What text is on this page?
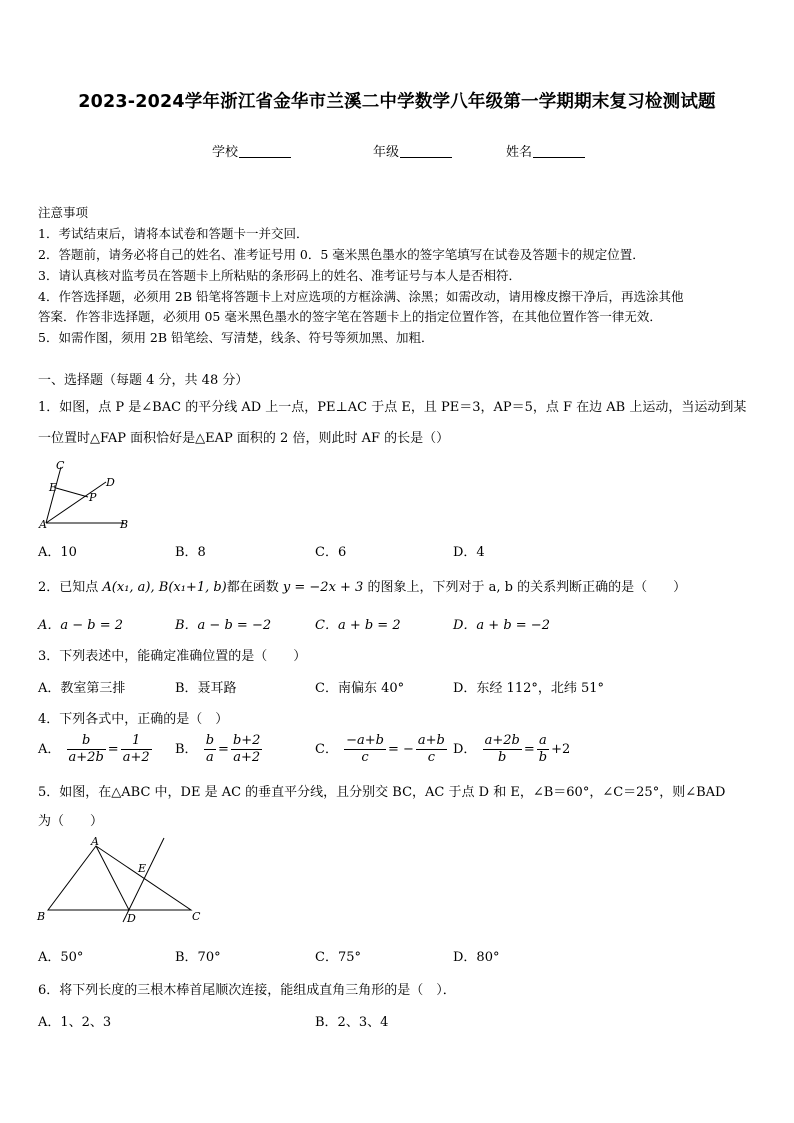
2023-2024学年浙江省金华市兰溪二中学数学八年级第一学期期末复习检测试题
学校	年级	姓名
注意事项
1．考试结束后，请将本试卷和答题卡一并交回．
2．答题前，请务必将自己的姓名、准考证号用 0．5 毫米黑色墨水的签字笔填写在试卷及答题卡的规定位置．
3．请认真核对监考员在答题卡上所粘贴的条形码上的姓名、准考证号与本人是否相符．
4．作答选择题，必须用 2B 铅笔将答题卡上对应选项的方框涂满、涂黑；如需改动，请用橡皮擦干净后，再选涂其他
答案．作答非选择题，必须用 05 毫米黑色墨水的签字笔在答题卡上的指定位置作答，在其他位置作答一律无效．
5．如需作图，须用 2B 铅笔绘、写清楚，线条、符号等须加黑、加粗．
一、选择题（每题 4 分，共 48 分）
1．如图，点 P 是∠BAC 的平分线 AD 上一点，PE⊥AC 于点 E，且 PE＝3，AP＝5，点 F 在边 AB 上运动，当运动到某
一位置时△FAP 面积恰好是△EAP 面积的 2 倍，则此时 AF 的长是（）
C
E
P
D
A	B
A．10	B．8	C．6	D．4
2．已知点 A(x₁, a), B(x₁+1, b)都在函数 y = −2x + 3 的图象上，下列对于 a, b 的关系判断正确的是（　　）
A．a − b = 2	B．a − b = −2	C．a + b = 2	D．a + b = −2
3．下列表述中，能确定准确位置的是（　　）
A．教室第三排	B．聂耳路	C．南偏东 40°	D．东经 112°，北纬 51°
4．下列各式中，正确的是（　）
A． $\frac{b}{a+2b} = \frac{1}{a+2}$ B． $\frac{b}{a} = \frac{b+2}{a+2}$	C． $\frac{-a+b}{c}$ = − $\frac{a+b}{c}$ D． $\frac{a+2b}{b} = \frac{a}{b} +2$
5．如图，在△ABC 中，DE 是 AC 的垂直平分线，且分别交 BC，AC 于点 D 和 E，∠B＝60°，∠C＝25°，则∠BAD
为（　　）
A
E
B	D	C
A．50°	B．70°	C．75°	D．80°
6．将下列长度的三根木棒首尾顺次连接，能组成直角三角形的是（　）．
A．1、2、3	B．2、3、4
